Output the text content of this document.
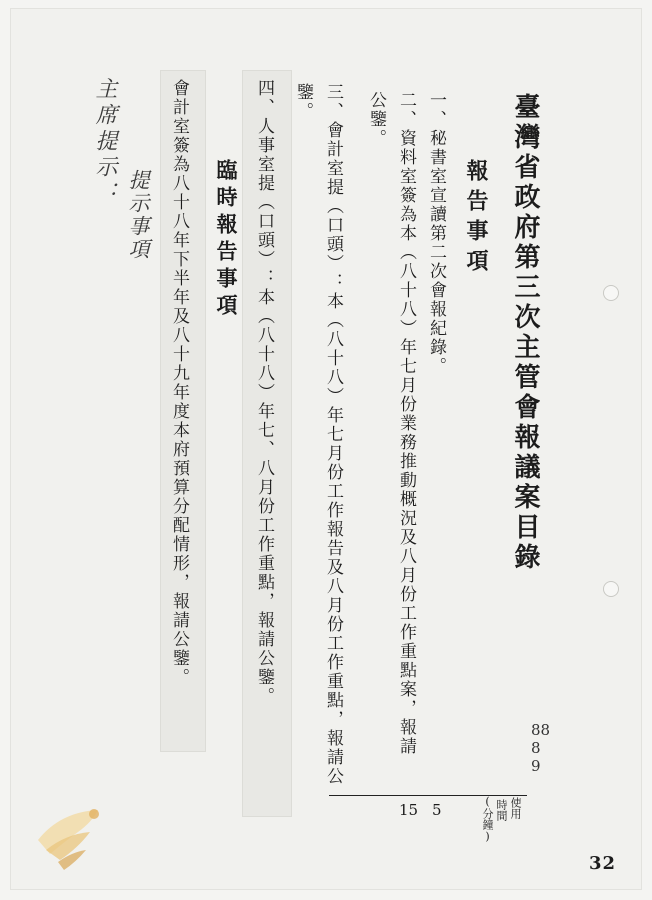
臺灣省政府第三次主管會報議案目錄
報告事項
一、秘書室宣讀第二次會報紀錄。
二、資料室簽為本（八十八）年七月份業務推動概況及八月份工作重點案，報請公鑒。
三、會計室提（口頭）：本（八十八）年七月份工作報告及八月份工作重點，報請公鑒。
四、人事室提（口頭）：本（八十八）年七、八月份工作重點，報請公鑒。
臨時報告事項
會計室簽為八十八年下半年及八十九年度本府預算分配情形，報請公鑒。
主席提示：
提示事項
88
8
9
15 5	使用
時間
(分鐘)
32
